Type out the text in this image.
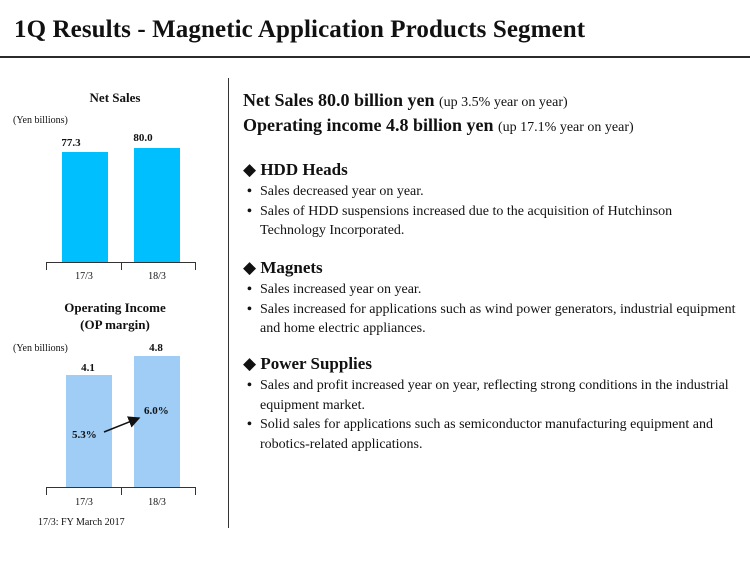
1Q Results - Magnetic Application Products Segment
Net Sales
(Yen billions)
77.3	80.0
17/3	18/3
Operating Income
(OP margin)
(Yen billions)
4.1
4.8
5.3%
6.0%
17/3	18/3
17/3: FY March 2017
Net Sales 80.0 billion yen (up 3.5% year on year)
Operating income 4.8 billion yen (up 17.1% year on year)
◆ HDD Heads
• Sales decreased year on year.
• Sales of HDD suspensions increased due to the acquisition of Hutchinson Technology Incorporated.
◆ Magnets
• Sales increased year on year.
• Sales increased for applications such as wind power generators, industrial equipment and home electric appliances.
◆ Power Supplies
• Sales and profit increased year on year, reflecting strong conditions in the industrial equipment market.
• Solid sales for applications such as semiconductor manufacturing equipment and robotics-related applications.
